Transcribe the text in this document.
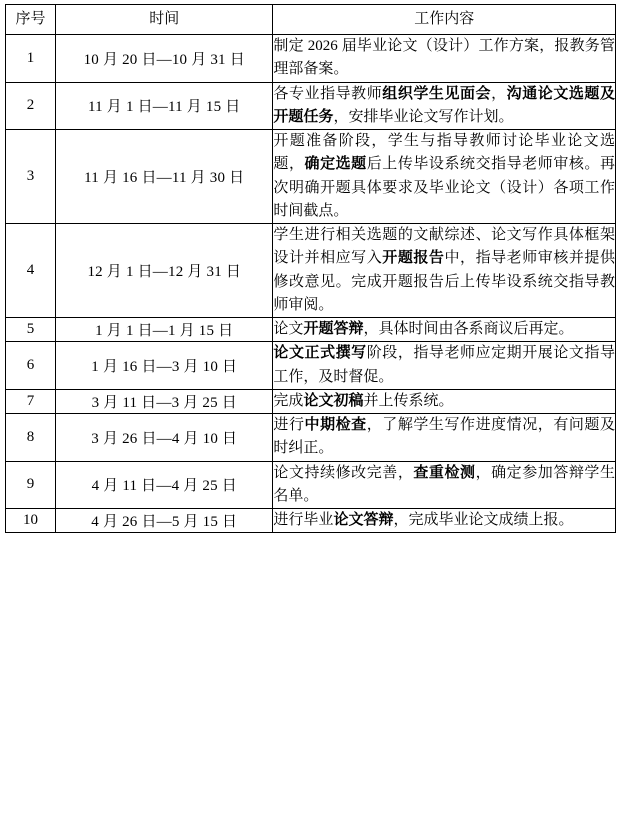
序号	时间	工作内容
1	10 月 20 日—10 月 31 日	制定 2026 届毕业论文（设计）工作方案，报教务管理部备案。
2	11 月 1 日—11 月 15 日	各专业指导教师组织学生见面会，沟通论文选题及开题任务，安排毕业论文写作计划。
3	11 月 16 日—11 月 30 日	开题准备阶段，学生与指导教师讨论毕业论文选题，确定选题后上传毕设系统交指导老师审核。再次明确开题具体要求及毕业论文（设计）各项工作时间截点。
4	12 月 1 日—12 月 31 日	学生进行相关选题的文献综述、论文写作具体框架设计并相应写入开题报告中，指导老师审核并提供修改意见。完成开题报告后上传毕设系统交指导教师审阅。
5	1 月 1 日—1 月 15 日	论文开题答辩，具体时间由各系商议后再定。
6	1 月 16 日—3 月 10 日	论文正式撰写阶段，指导老师应定期开展论文指导工作，及时督促。
7	3 月 11 日—3 月 25 日	完成论文初稿并上传系统。
8	3 月 26 日—4 月 10 日	进行中期检查，了解学生写作进度情况，有问题及时纠正。
9	4 月 11 日—4 月 25 日	论文持续修改完善，查重检测，确定参加答辩学生名单。
10	4 月 26 日—5 月 15 日	进行毕业论文答辩，完成毕业论文成绩上报。
